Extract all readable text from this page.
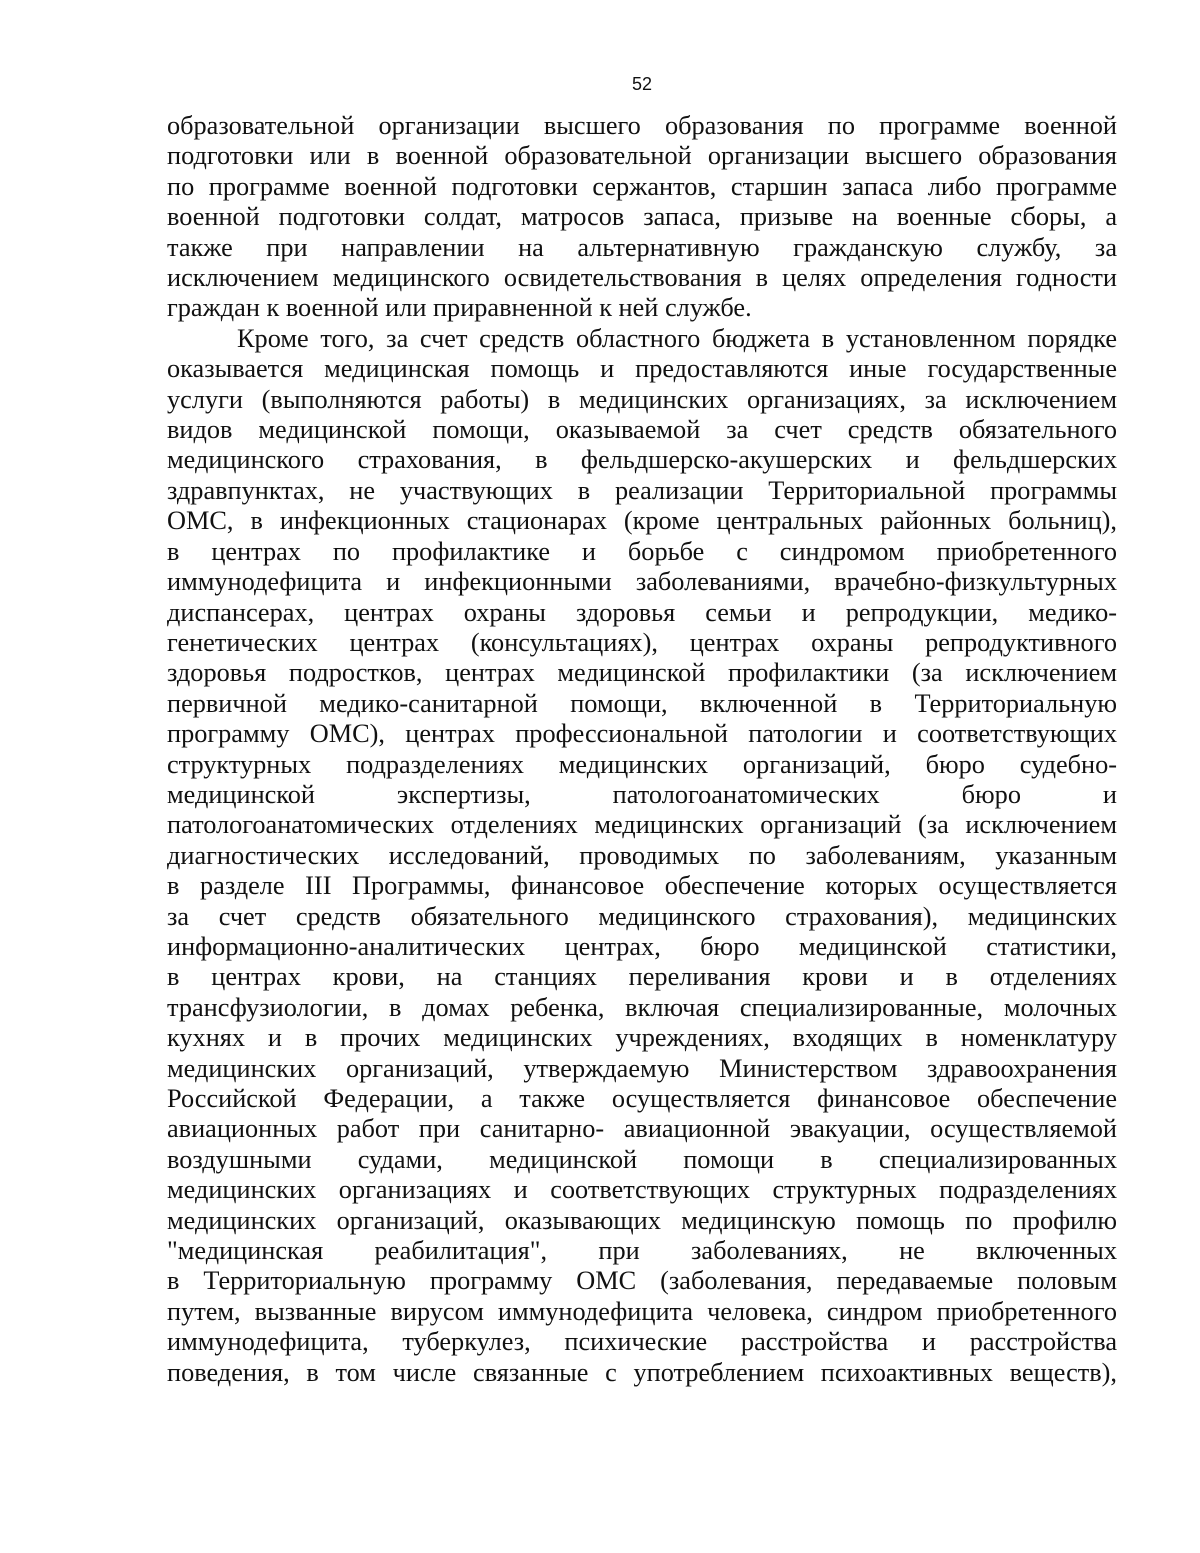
52
образовательной организации высшего образования по программе военной
подготовки или в военной образовательной организации высшего образования
по программе военной подготовки сержантов, старшин запаса либо программе
военной подготовки солдат, матросов запаса, призыве на военные сборы, а
также при направлении на альтернативную гражданскую службу, за
исключением медицинского освидетельствования в целях определения годности
граждан к военной или приравненной к ней службе.
Кроме того, за счет средств областного бюджета в установленном порядке
оказывается медицинская помощь и предоставляются иные государственные
услуги (выполняются работы) в медицинских организациях, за исключением
видов медицинской помощи, оказываемой за счет средств обязательного
медицинского страхования, в фельдшерско-акушерских и фельдшерских
здравпунктах, не участвующих в реализации Территориальной программы
ОМС, в инфекционных стационарах (кроме центральных районных больниц),
в центрах по профилактике и борьбе с синдромом приобретенного
иммунодефицита и инфекционными заболеваниями, врачебно-физкультурных
диспансерах, центрах охраны здоровья семьи и репродукции, медико-
генетических центрах (консультациях), центрах охраны репродуктивного
здоровья подростков, центрах медицинской профилактики (за исключением
первичной медико-санитарной помощи, включенной в Территориальную
программу ОМС), центрах профессиональной патологии и соответствующих
структурных подразделениях медицинских организаций, бюро судебно-
медицинской экспертизы, патологоанатомических бюро и
патологоанатомических отделениях медицинских организаций (за исключением
диагностических исследований, проводимых по заболеваниям, указанным
в разделе III Программы, финансовое обеспечение которых осуществляется
за счет средств обязательного медицинского страхования), медицинских
информационно-аналитических центрах, бюро медицинской статистики,
в центрах крови, на станциях переливания крови и в отделениях
трансфузиологии, в домах ребенка, включая специализированные, молочных
кухнях и в прочих медицинских учреждениях, входящих в номенклатуру
медицинских организаций, утверждаемую Министерством здравоохранения
Российской Федерации, а также осуществляется финансовое обеспечение
авиационных работ при санитарно- авиационной эвакуации, осуществляемой
воздушными судами, медицинской помощи в специализированных
медицинских организациях и соответствующих структурных подразделениях
медицинских организаций, оказывающих медицинскую помощь по профилю
"медицинская реабилитация", при заболеваниях, не включенных
в Территориальную программу ОМС (заболевания, передаваемые половым
путем, вызванные вирусом иммунодефицита человека, синдром приобретенного
иммунодефицита, туберкулез, психические расстройства и расстройства
поведения, в том числе связанные с употреблением психоактивных веществ),
